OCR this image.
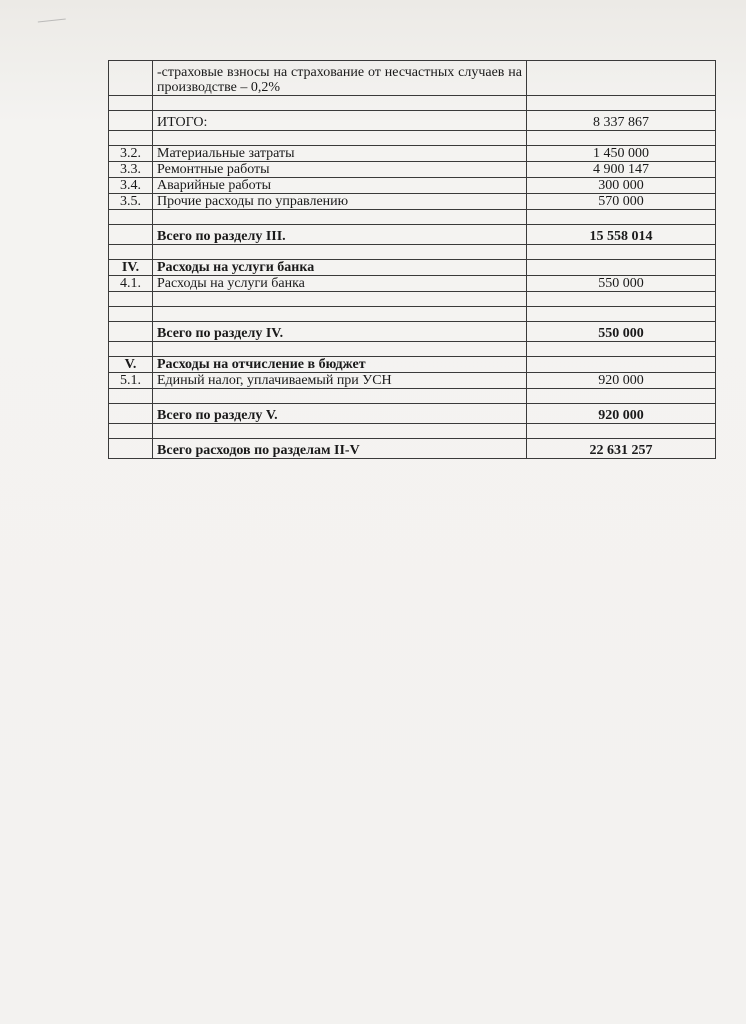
	-страховые взносы на страхование от несчастных случаев на производстве – 0,2%	

	ИТОГО:	8 337 867

3.2.	Материальные затраты	1 450 000
3.3.	Ремонтные работы	4 900 147
3.4.	Аварийные работы	300 000
3.5.	Прочие расходы по управлению	570 000

	Всего по разделу III.	15 558 014

IV.	Расходы на услуги банка	
4.1.	Расходы на услуги банка	550 000

	Всего по разделу IV.	550 000

V.	Расходы на отчисление в бюджет	
5.1.	Единый налог, уплачиваемый при УСН	920 000

	Всего по разделу V.	920 000

	Всего расходов по разделам II-V	22 631 257
